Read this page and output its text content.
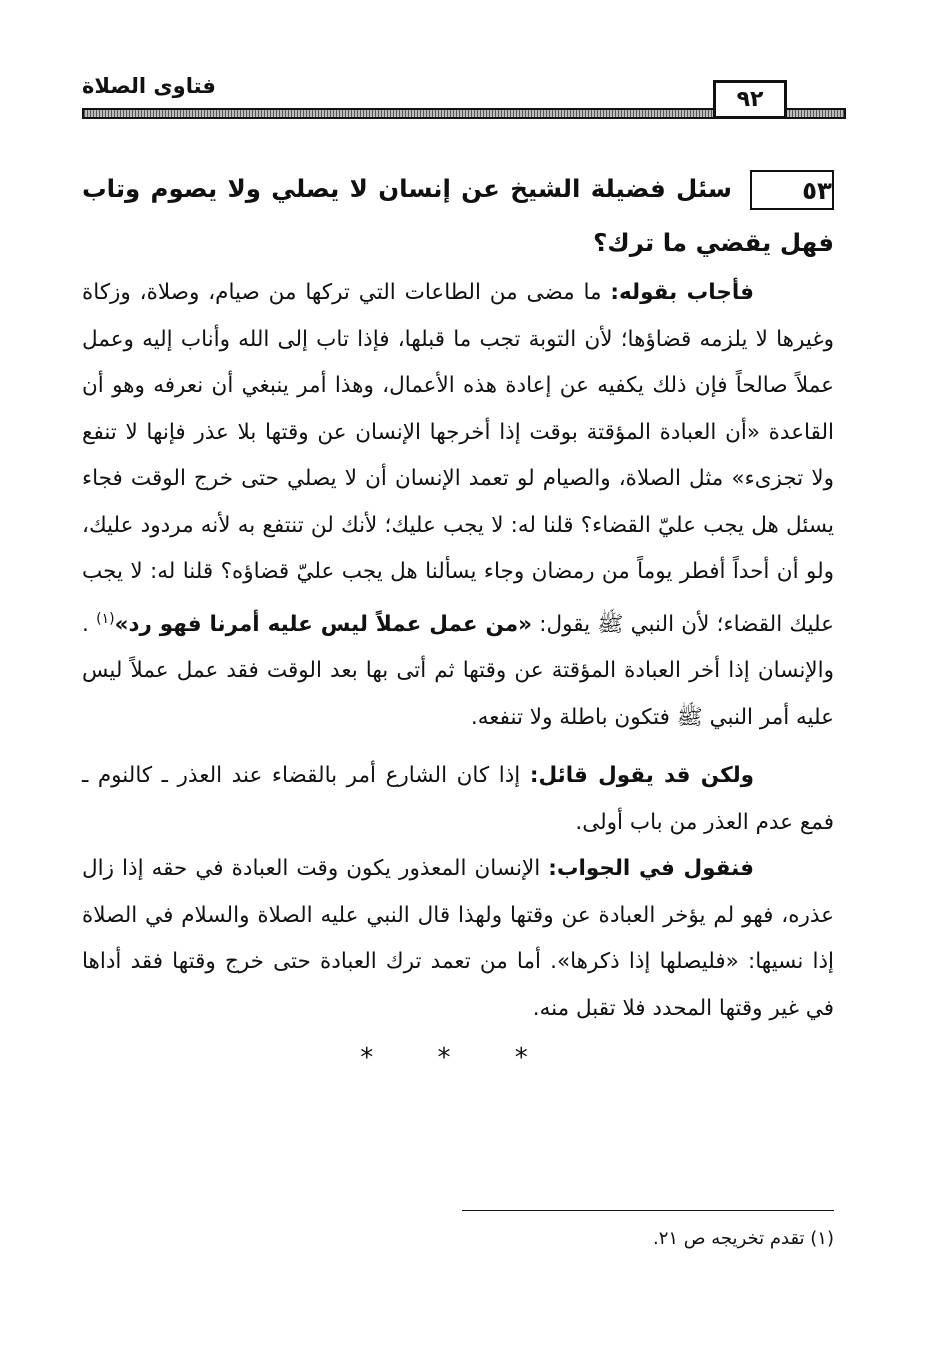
فتاوى الصلاة
٩٢
٥٣سئل فضيلة الشيخ عن إنسان لا يصلي ولا يصوم وتاب فهل يقضي ما ترك؟

فأجاب بقوله: ما مضى من الطاعات التي تركها من صيام، وصلاة، وزكاة وغيرها لا يلزمه قضاؤها؛ لأن التوبة تجب ما قبلها، فإذا تاب إلى الله وأناب إليه وعمل عملاً صالحاً فإن ذلك يكفيه عن إعادة هذه الأعمال، وهذا أمر ينبغي أن نعرفه وهو أن القاعدة «أن العبادة المؤقتة بوقت إذا أخرجها الإنسان عن وقتها بلا عذر فإنها لا تنفع ولا تجزىء» مثل الصلاة، والصيام لو تعمد الإنسان أن لا يصلي حتى خرج الوقت فجاء يسئل هل يجب عليّ القضاء؟ قلنا له: لا يجب عليك؛ لأنك لن تنتفع به لأنه مردود عليك، ولو أن أحداً أفطر يوماً من رمضان وجاء يسألنا هل يجب عليّ قضاؤه؟ قلنا له: لا يجب عليك القضاء؛ لأن النبي ﷺ يقول: «من عمل عملاً ليس عليه أمرنا فهو رد»$^{(١)}$ . والإنسان إذا أخر العبادة المؤقتة عن وقتها ثم أتى بها بعد الوقت فقد عمل عملاً ليس عليه أمر النبي ﷺ فتكون باطلة ولا تنفعه.

ولكن قد يقول قائل: إذا كان الشارع أمر بالقضاء عند العذر ـ كالنوم ـ فمع عدم العذر من باب أولى.

فنقول في الجواب: الإنسان المعذور يكون وقت العبادة في حقه إذا زال عذره، فهو لم يؤخر العبادة عن وقتها ولهذا قال النبي عليه الصلاة والسلام في الصلاة إذا نسيها: «فليصلها إذا ذكرها». أما من تعمد ترك العبادة حتى خرج وقتها فقد أداها في غير وقتها المحدد فلا تقبل منه.

* * *
(١) تقدم تخريجه ص ٢١.
